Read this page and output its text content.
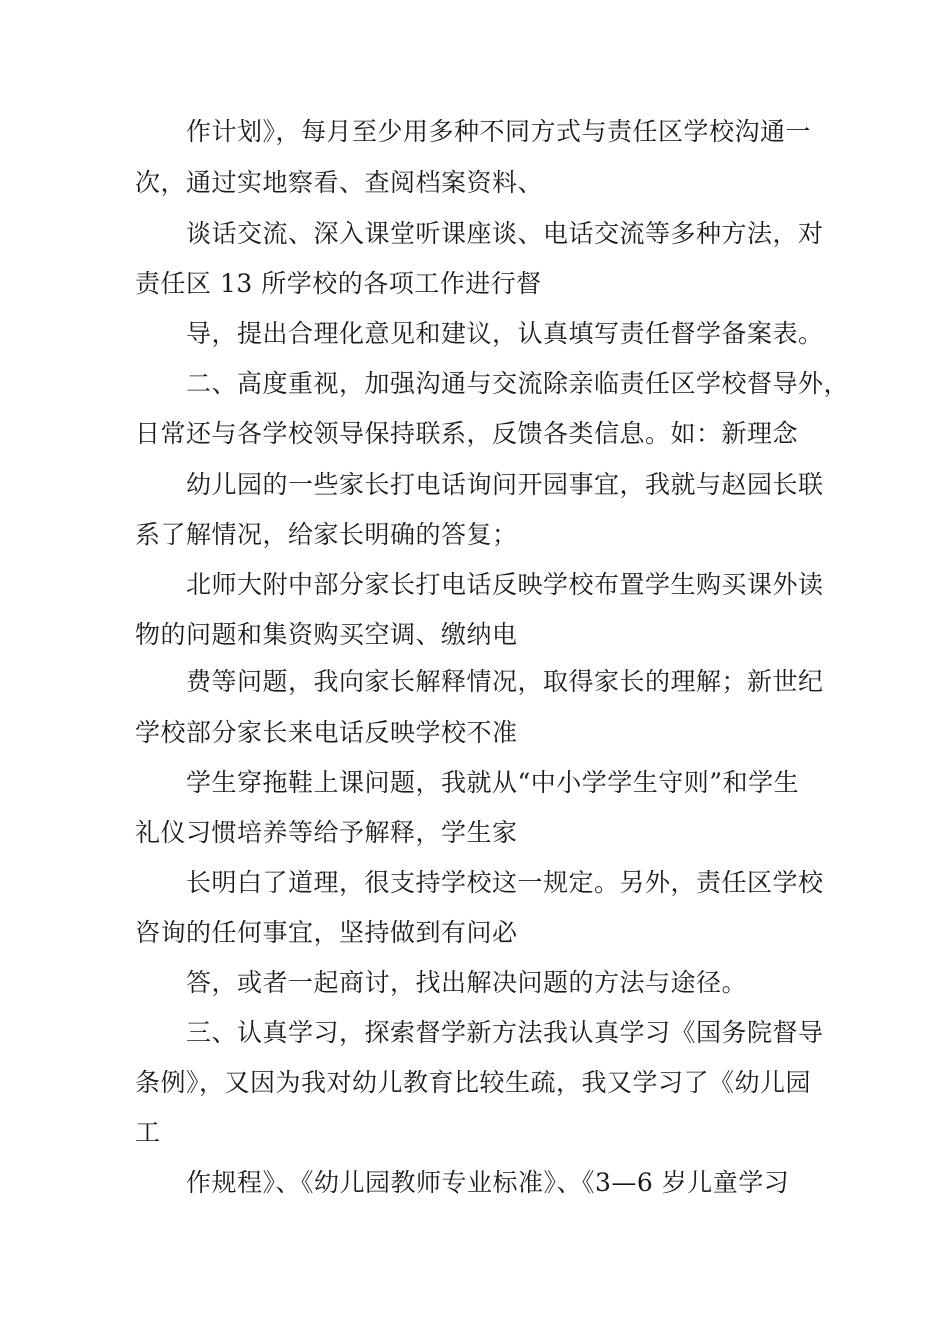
作计划》，每月至少用多种不同方式与责任区学校沟通一
次，通过实地察看、查阅档案资料、
谈话交流、深入课堂听课座谈、电话交流等多种方法，对
责任区 13 所学校的各项工作进行督
导，提出合理化意见和建议，认真填写责任督学备案表。
二、高度重视，加强沟通与交流除亲临责任区学校督导外，
日常还与各学校领导保持联系，反馈各类信息。如：新理念
幼儿园的一些家长打电话询问开园事宜，我就与赵园长联
系了解情况，给家长明确的答复；
北师大附中部分家长打电话反映学校布置学生购买课外读
物的问题和集资购买空调、缴纳电
费等问题，我向家长解释情况，取得家长的理解；新世纪
学校部分家长来电话反映学校不准
学生穿拖鞋上课问题，我就从“中小学学生守则”和学生
礼仪习惯培养等给予解释，学生家
长明白了道理，很支持学校这一规定。另外，责任区学校
咨询的任何事宜，坚持做到有问必
答，或者一起商讨，找出解决问题的方法与途径。
三、认真学习，探索督学新方法我认真学习《国务院督导
条例》，又因为我对幼儿教育比较生疏，我又学习了《幼儿园
工
作规程》、《幼儿园教师专业标准》、《3—6 岁儿童学习
